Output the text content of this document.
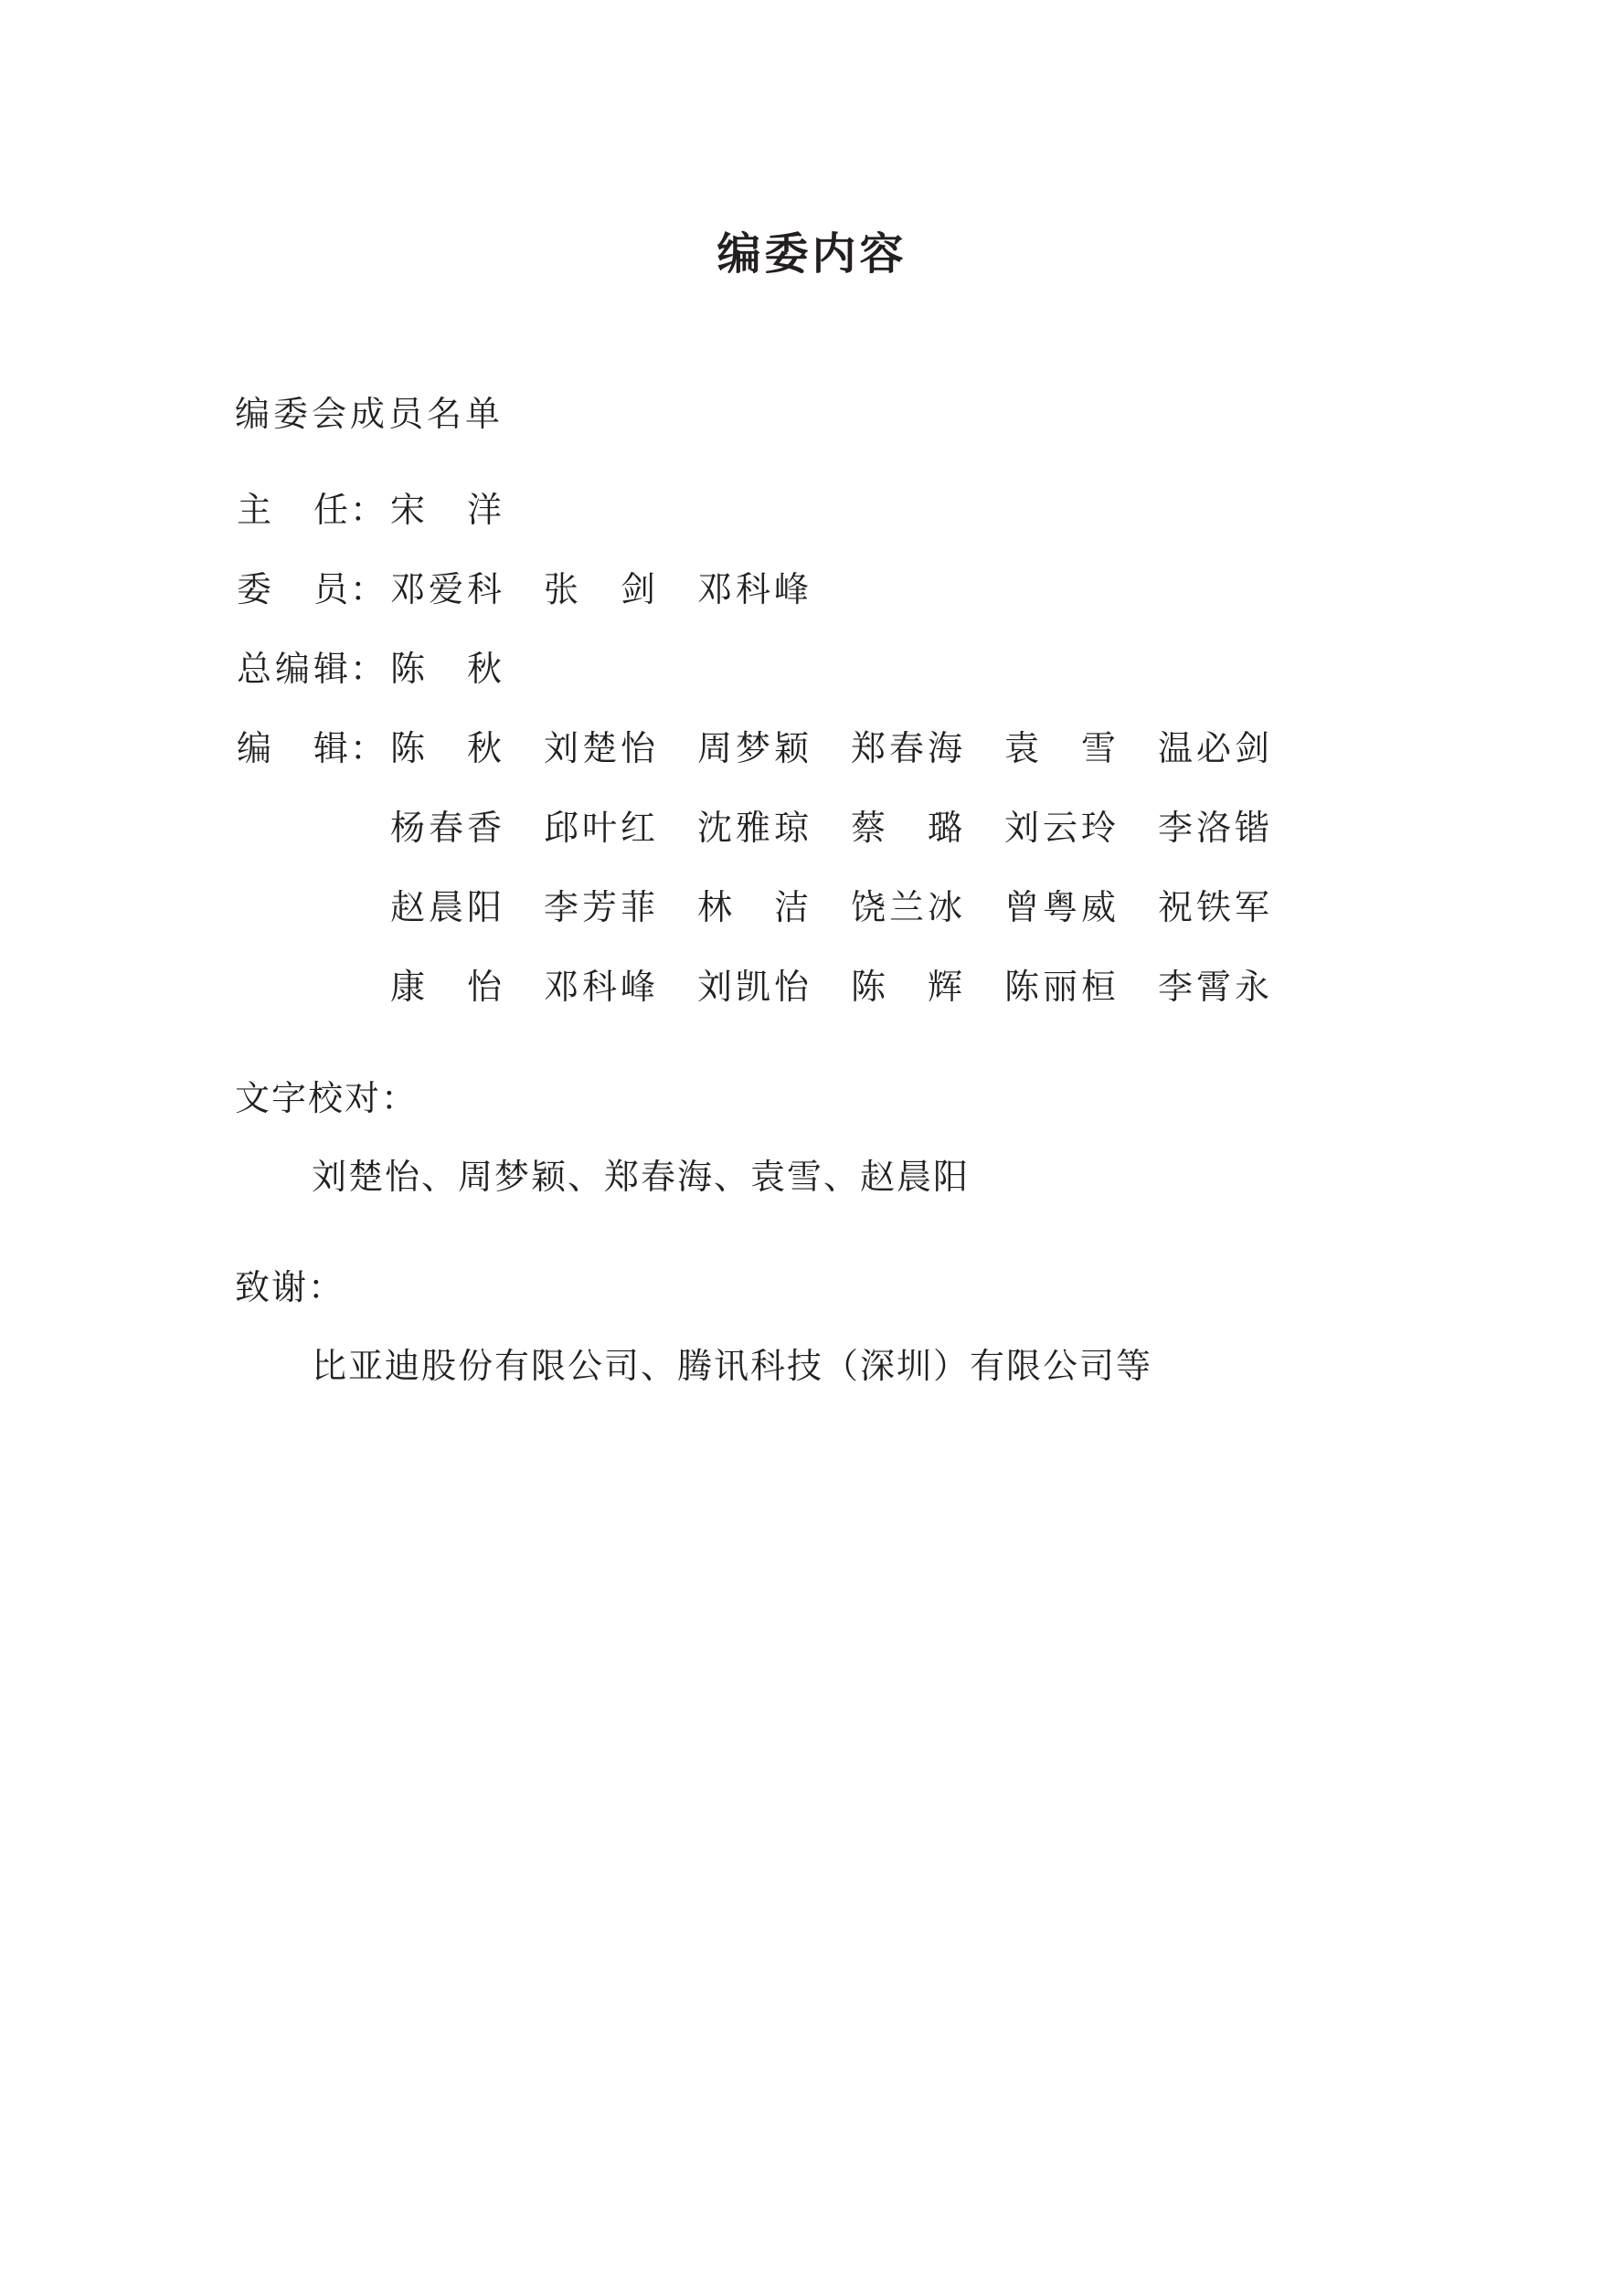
编委内容
编委会成员名单
主 任 ： 宋 洋
委 员 ： 邓 爱 科 张 剑 邓 科 峰
总 编 辑 ： 陈 秋
编 辑 ： 陈 秋 刘 楚 怡 周 梦 颖 郑 春 海 袁 雪 温 必 剑
杨 春 香 邱 叶 红 沈 雅 琼 蔡 璐 刘 云 玲 李 洛 锴
赵 晨 阳 李 芳 菲 林 洁 饶 兰 冰 曾 粤 威 祝 铁 军
康 怡 邓 科 峰 刘 凯 怡 陈 辉 陈 丽 桓 李 霄 永
文字校对：
刘楚怡、周梦颖、郑春海、袁雪、赵晨阳
致谢：
比亚迪股份有限公司、腾讯科技（深圳）有限公司等
